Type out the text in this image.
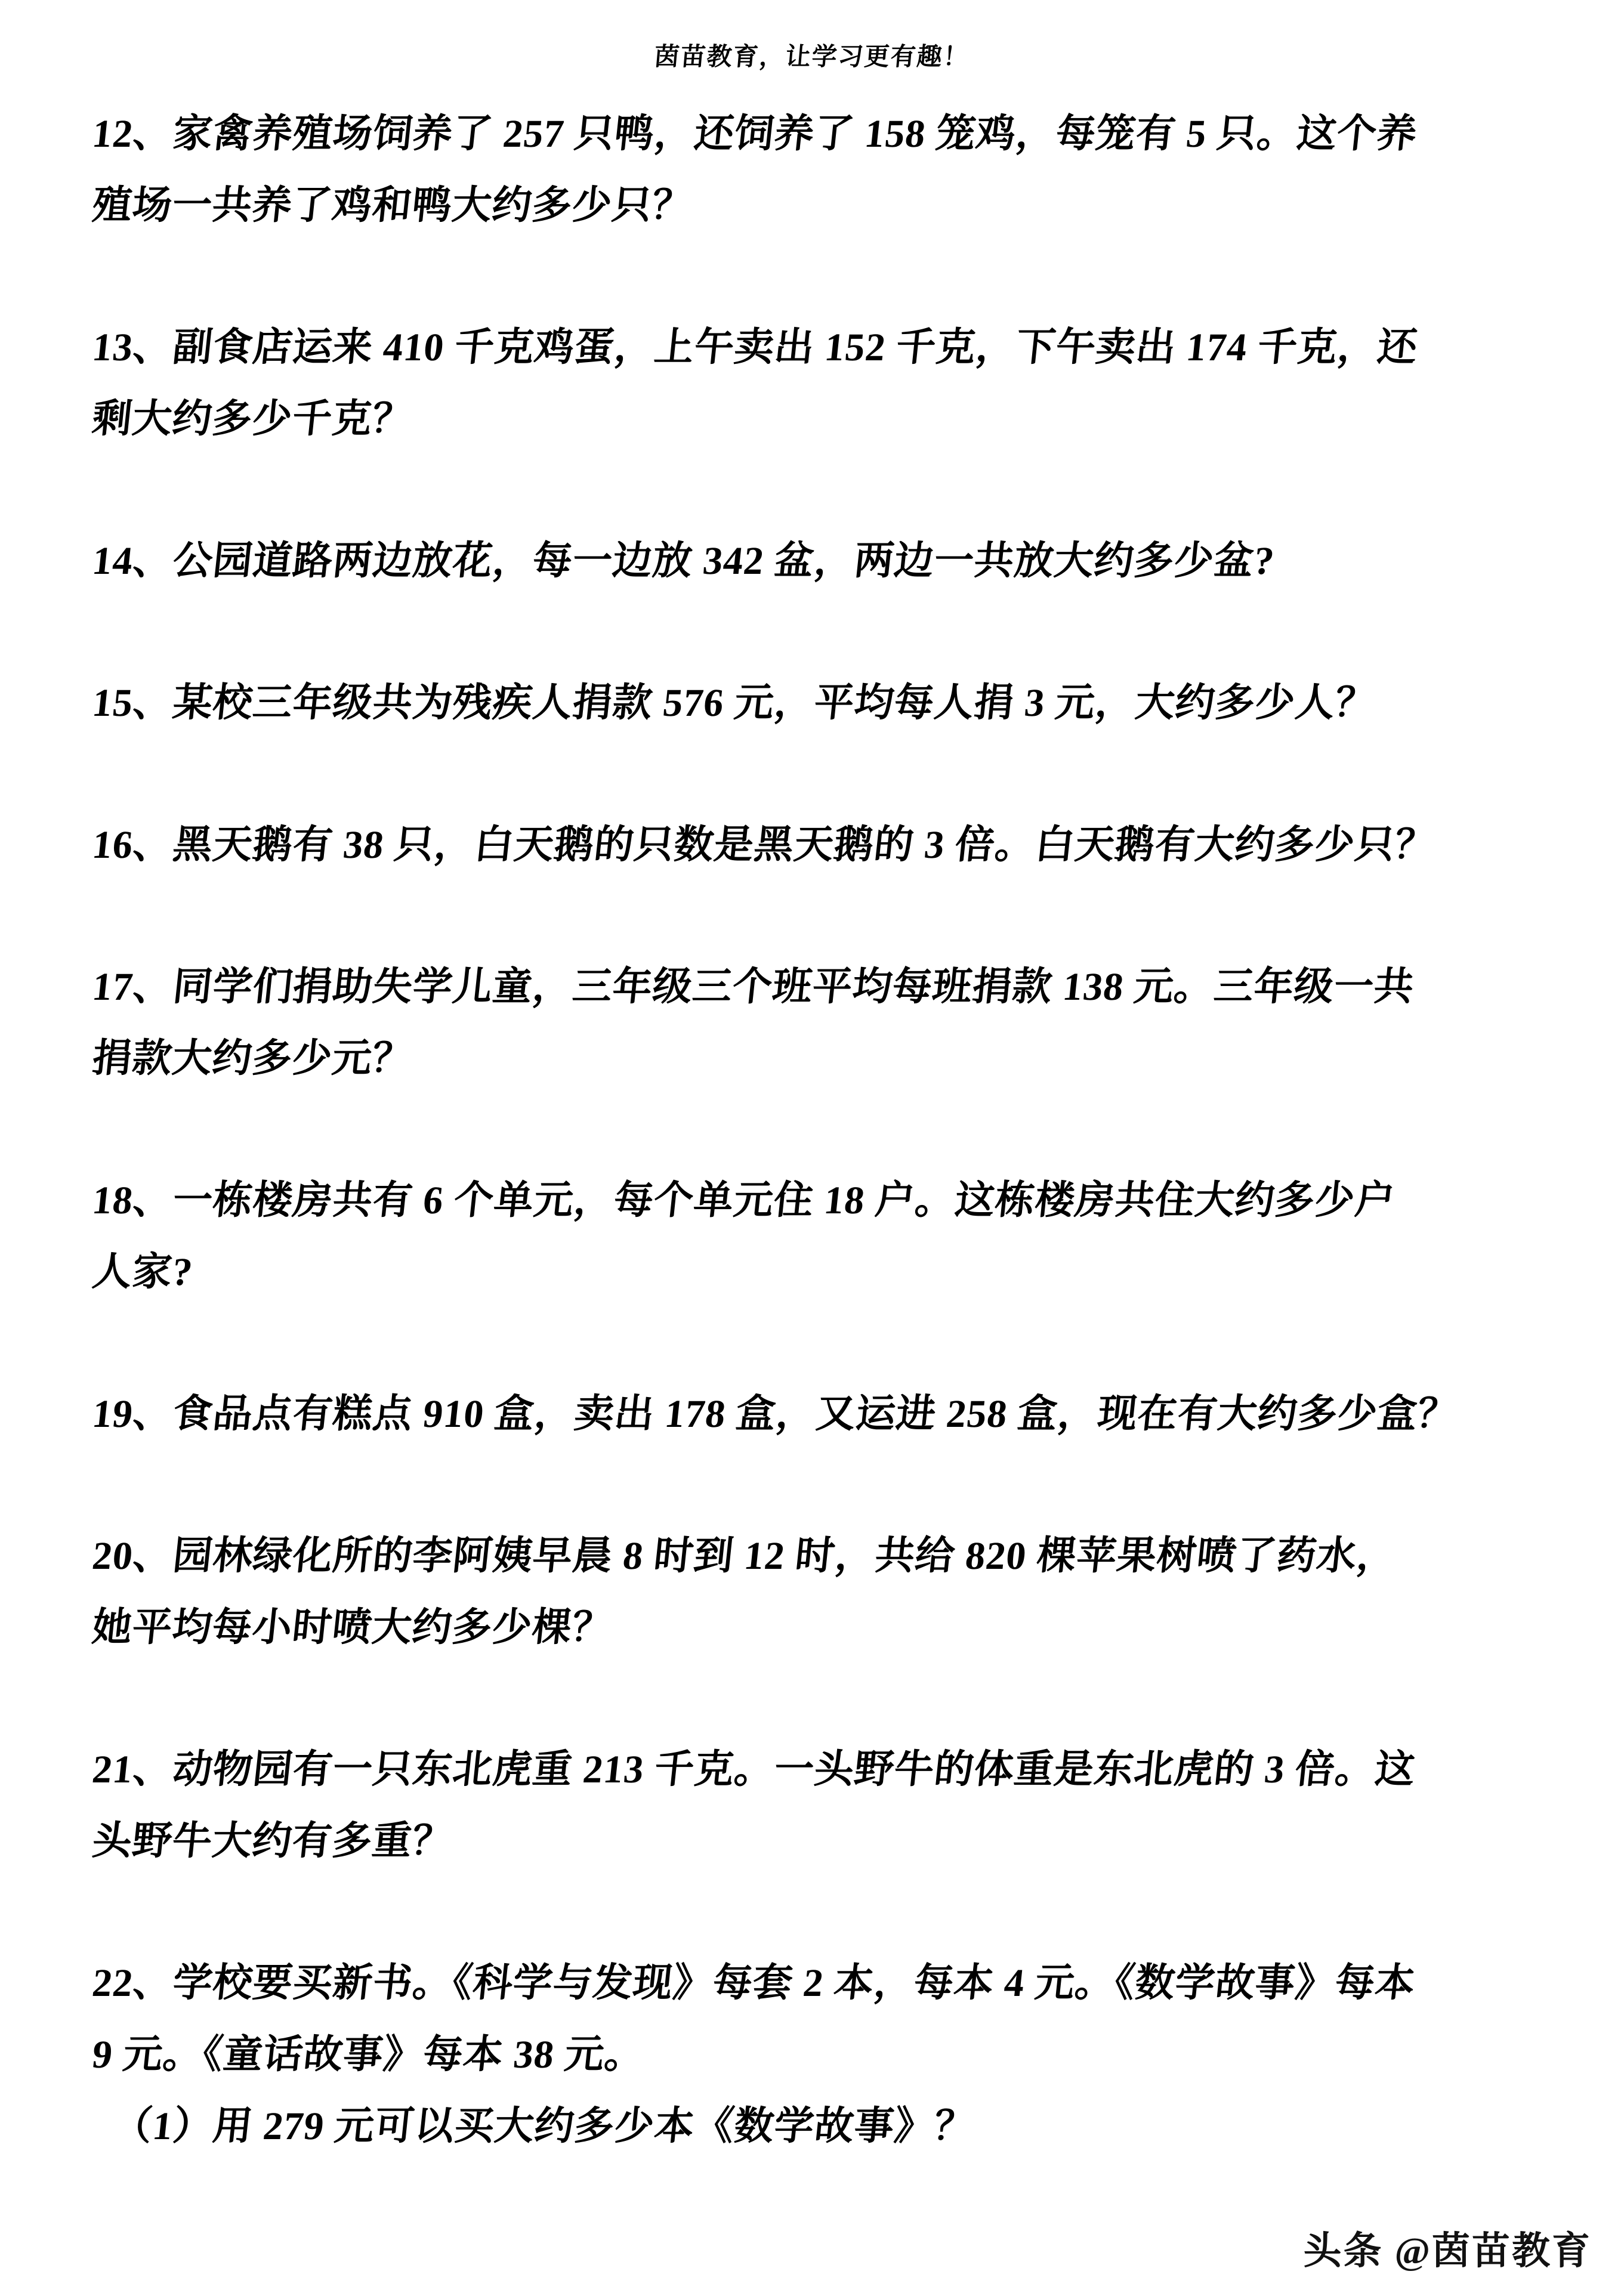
茵苗教育，让学习更有趣！
12、家禽养殖场饲养了 257 只鸭，还饲养了 158 笼鸡，每笼有 5 只。这个养
殖场一共养了鸡和鸭大约多少只？
13、副食店运来 410 千克鸡蛋，上午卖出 152 千克，下午卖出 174 千克，还
剩大约多少千克？
14、公园道路两边放花，每一边放 342 盆，两边一共放大约多少盆?
15、某校三年级共为残疾人捐款 576 元，平均每人捐 3 元，大约多少人？
16、黑天鹅有 38 只，白天鹅的只数是黑天鹅的 3 倍。白天鹅有大约多少只？
17、同学们捐助失学儿童，三年级三个班平均每班捐款 138 元。三年级一共
捐款大约多少元？
18、一栋楼房共有 6 个单元，每个单元住 18 户。这栋楼房共住大约多少户
人家?
19、食品点有糕点 910 盒，卖出 178 盒，又运进 258 盒，现在有大约多少盒？
20、园林绿化所的李阿姨早晨 8 时到 12 时，共给 820 棵苹果树喷了药水，
她平均每小时喷大约多少棵？
21、动物园有一只东北虎重 213 千克。一头野牛的体重是东北虎的 3 倍。这
头野牛大约有多重？
22、学校要买新书。《科学与发现》每套 2 本，每本 4 元。《数学故事》每本
9 元。《童话故事》每本 38 元。
（1）用 279 元可以买大约多少本《数学故事》？
头条 @茵苗教育
